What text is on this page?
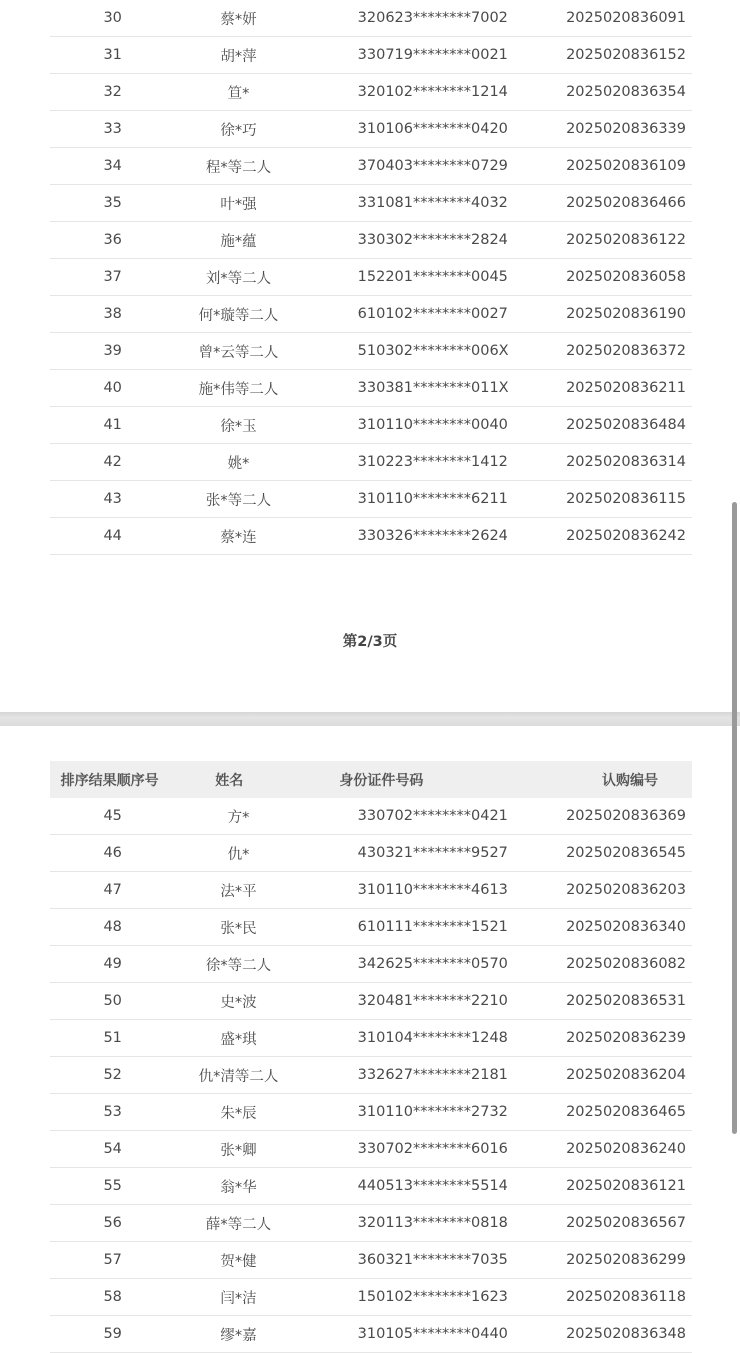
30	蔡*妍	320623********7002	2025020836091
31	胡*萍	330719********0021	2025020836152
32	笪*	320102********1214	2025020836354
33	徐*巧	310106********0420	2025020836339
34	程*等二人	370403********0729	2025020836109
35	叶*强	331081********4032	2025020836466
36	施*蕴	330302********2824	2025020836122
37	刘*等二人	152201********0045	2025020836058
38	何*璇等二人	610102********0027	2025020836190
39	曾*云等二人	510302********006X	2025020836372
40	施*伟等二人	330381********011X	2025020836211
41	徐*玉	310110********0040	2025020836484
42	姚*	310223********1412	2025020836314
43	张*等二人	310110********6211	2025020836115
44	蔡*连	330326********2624	2025020836242
第2/3页
排序结果顺序号	姓名	身份证件号码	认购编号
45	方*	330702********0421	2025020836369
46	仇*	430321********9527	2025020836545
47	法*平	310110********4613	2025020836203
48	张*民	610111********1521	2025020836340
49	徐*等二人	342625********0570	2025020836082
50	史*波	320481********2210	2025020836531
51	盛*琪	310104********1248	2025020836239
52	仇*清等二人	332627********2181	2025020836204
53	朱*辰	310110********2732	2025020836465
54	张*卿	330702********6016	2025020836240
55	翁*华	440513********5514	2025020836121
56	薛*等二人	320113********0818	2025020836567
57	贺*健	360321********7035	2025020836299
58	闫*洁	150102********1623	2025020836118
59	缪*嘉	310105********0440	2025020836348
